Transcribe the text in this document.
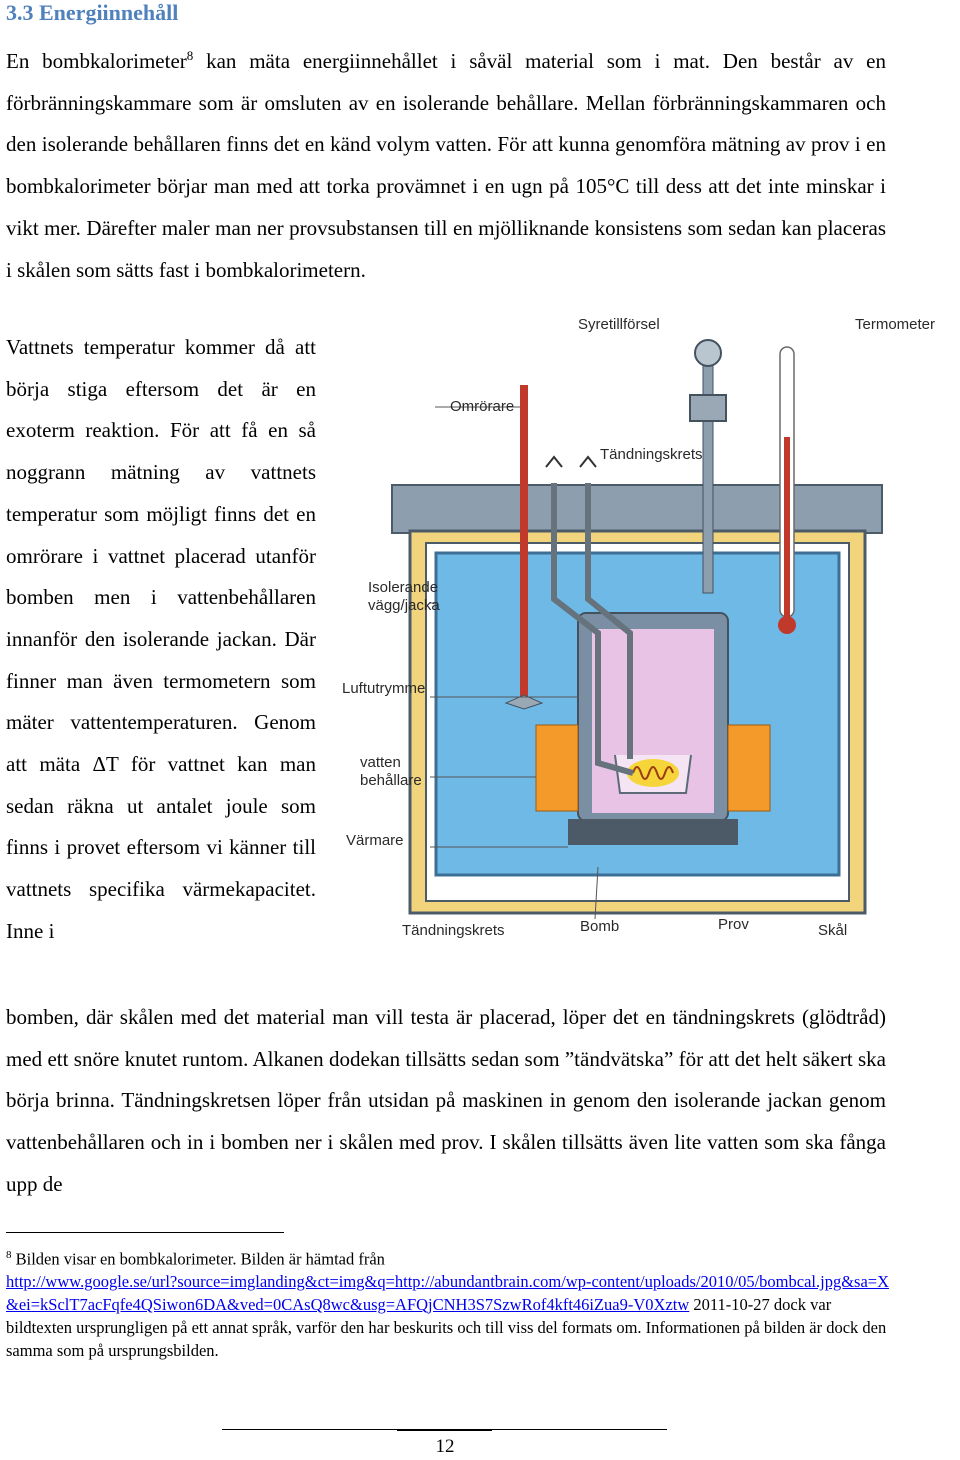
3.3 Energiinnehåll

En bombkalorimeter$^8$ kan mäta energiinnehållet i såväl material som i mat. Den består av en förbränningskammare som är omsluten av en isolerande behållare. Mellan förbränningskammaren och den isolerande behållaren finns det en känd volym vatten. För att kunna genomföra mätning av prov i en bombkalorimeter börjar man med att torka provämnet i en ugn på 105°C till dess att det inte minskar i vikt mer. Därefter maler man ner provsubstansen till en mjölliknande konsistens som sedan kan placeras i skålen som sätts fast i bombkalorimetern.

Vattnets temperatur kommer då att börja stiga eftersom det är en exoterm reaktion. För att få en så noggrann mätning av vattnets temperatur som möjligt finns det en omrörare i vattnet placerad utanför bomben men i vattenbehållaren innanför den isolerande jackan. Där finner man även termometern som mäter vattentemperaturen. Genom att mäta ΔT för vattnet kan man sedan räkna ut antalet joule som finns i provet eftersom vi känner till vattnets specifika värmekapacitet. Inne i

Syretillförsel	Termometer
Omrörare
Tändningskrets
Isolerande
vägg/jacka
Luftutrymme
vatten
behållare
Värmare
Tändningskrets	Bomb	Prov	Skål

bomben, där skålen med det material man vill testa är placerad, löper det en tändningskrets (glödtråd) med ett snöre knutet runtom. Alkanen dodekan tillsätts sedan som ”tändvätska” för att det helt säkert ska börja brinna. Tändningskretsen löper från utsidan på maskinen in genom den isolerande jackan genom vattenbehållaren och in i bomben ner i skålen med prov. I skålen tillsätts även lite vatten som ska fånga upp de

$^8$ Bilden visar en bombkalorimeter. Bilden är hämtad från
http://www.google.se/url?source=imglanding&ct=img&q=http://abundantbrain.com/wp-content/uploads/2010/05/bombcal.jpg&sa=X&ei=kSclT7acFqfe4QSiwon6DA&ved=0CAsQ8wc&usg=AFQjCNH3S7SzwRof4kft46iZua9-V0Xztw 2011-10-27 dock var bildtexten ursprungligen på ett annat språk, varför den har beskurits och till viss del formats om. Informationen på bilden är dock den samma som på ursprungsbilden.

12
